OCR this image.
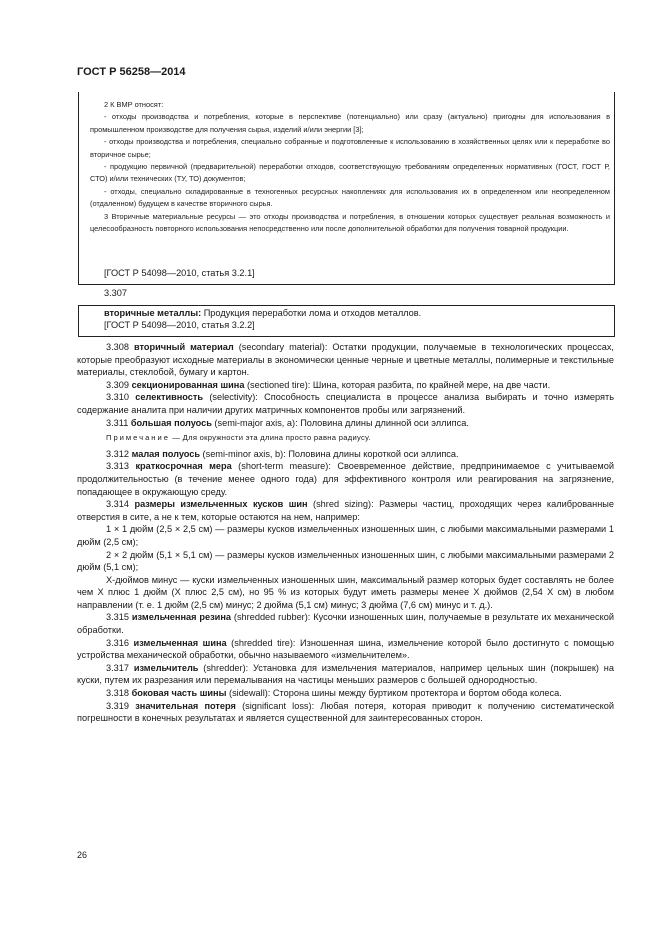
ГОСТ Р 56258—2014

2 К ВМР относят:

- отходы производства и потребления, которые в перспективе (потенциально) или сразу (актуально) пригодны для использования в промышленном производстве для получения сырья, изделий и/или энергии [3];

- отходы производства и потребления, специально собранные и подготовленные к использованию в хозяйственных целях или к переработке во вторичное сырье;

- продукцию первичной (предварительной) переработки отходов, соответствующую требованиям определенных нормативных (ГОСТ, ГОСТ Р, СТО) и/или технических (ТУ, ТО) документов;

- отходы, специально складированные в техногенных ресурсных накоплениях для использования их в определенном или неопределенном (отдаленном) будущем в качестве вторичного сырья.

3 Вторичные материальные ресурсы — это отходы производства и потребления, в отношении которых существует реальная возможность и целесообразность повторного использования непосредственно или после дополнительной обработки для получения товарной продукции.

[ГОСТ Р 54098—2010, статья 3.2.1]
3.307
вторичные металлы: Продукция переработки лома и отходов металлов.
[ГОСТ Р 54098—2010, статья 3.2.2]

3.308 вторичный материал (secondary material): Остатки продукции, получаемые в технологических процессах, которые преобразуют исходные материалы в экономически ценные черные и цветные металлы, полимерные и текстильные материалы, стеклобой, бумагу и картон.

3.309 секционированная шина (sectioned tire): Шина, которая разбита, по крайней мере, на две части.

3.310 селективность (selectivity): Способность специалиста в процессе анализа выбирать и точно измерять содержание аналита при наличии других матричных компонентов пробы или загрязнений.

3.311 большая полуось (semi-major axis, a): Половина длины длинной оси эллипса.

Примечание — Для окружности эта длина просто равна радиусу.

3.312 малая полуось (semi-minor axis, b): Половина длины короткой оси эллипса.

3.313 краткосрочная мера (short-term measure): Своевременное действие, предпринимаемое с учитываемой продолжительностью (в течение менее одного года) для эффективного контроля или реагирования на загрязнение, попадающее в окружающую среду.

3.314 размеры измельченных кусков шин (shred sizing): Размеры частиц, проходящих через калиброванные отверстия в сите, а не к тем, которые остаются на нем, например:

1 × 1 дюйм (2,5 × 2,5 см) — размеры кусков измельченных изношенных шин, с любыми максимальными размерами 1 дюйм (2,5 см);

2 × 2 дюйм (5,1 × 5,1 см) — размеры кусков измельченных изношенных шин, с любыми максимальными размерами 2 дюйм (5,1 см);

Х-дюймов минус — куски измельченных изношенных шин, максимальный размер которых будет составлять не более чем X плюс 1 дюйм (X плюс 2,5 см), но 95 % из которых будут иметь размеры менее X дюймов (2,54 X см) в любом направлении (т. е. 1 дюйм (2,5 см) минус; 2 дюйма (5,1 см) минус; 3 дюйма (7,6 см) минус и т. д.).

3.315 измельченная резина (shredded rubber): Кусочки изношенных шин, получаемые в результате их механической обработки.

3.316 измельченная шина (shredded tire): Изношенная шина, измельчение которой было достигнуто с помощью устройства механической обработки, обычно называемого «измельчителем».

3.317 измельчитель (shredder): Установка для измельчения материалов, например цельных шин (покрышек) на куски, путем их разрезания или перемалывания на частицы меньших размеров с большей однородностью.

3.318 боковая часть шины (sidewall): Сторона шины между буртиком протектора и бортом обода колеса.

3.319 значительная потеря (significant loss): Любая потеря, которая приводит к получению систематической погрешности в конечных результатах и является существенной для заинтересованных сторон.

26
